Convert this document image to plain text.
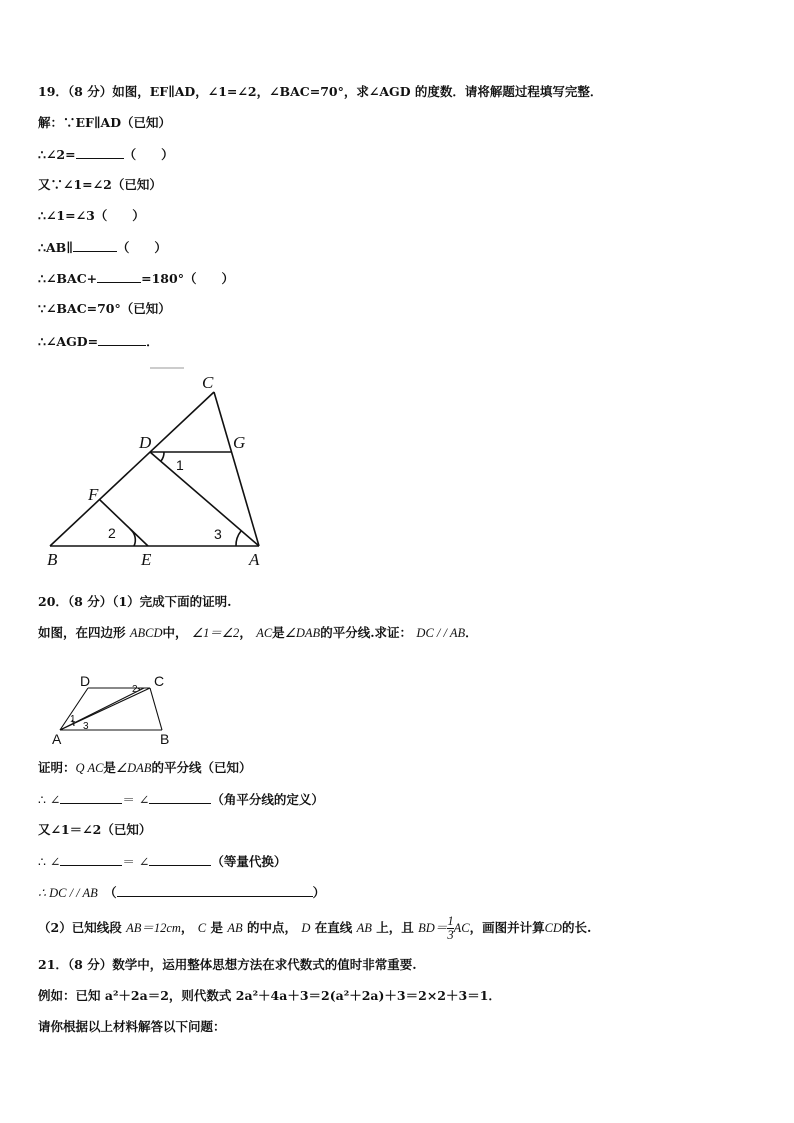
19．（8 分）如图，EF∥AD，∠1=∠2，∠BAC=70°，求∠AGD 的度数．请将解题过程填写完整．
解：∵EF∥AD（已知）
∴∠2=	（　　）
又∵∠1=∠2（已知）
∴∠1=∠3（　　）
∴AB∥	（　　）
∴∠BAC+	=180°（　　）
∵∠BAC=70°（已知）
∴∠AGD=	．
C
D	G
F
B	E	A
1
2	3
20．（8 分）（1）完成下面的证明.
如图，在四边形 ABCD中， ∠1＝∠2， AC是∠DAB的平分线.求证： DC / / AB．
D	C
A	B
1
2
3
证明：Q AC是∠DAB的平分线（已知）
∴ ∠	＝ ∠	（角平分线的定义）
又∠1＝∠2（已知）
∴ ∠	＝ ∠	（等量代换）
∴ DC / / AB　 （	）
（2）已知线段 AB＝12cm， C 是 AB 的中点， D 在直线 AB 上，且 $BD= \frac{1}{3}$ AC，画图并计算CD的长.
21．（8 分）数学中，运用整体思想方法在求代数式的值时非常重要.
例如：已知 a²＋2a＝2，则代数式 2a²＋4a＋3＝2(a²＋2a)＋3＝2×2＋3＝1．
请你根据以上材料解答以下问题：
